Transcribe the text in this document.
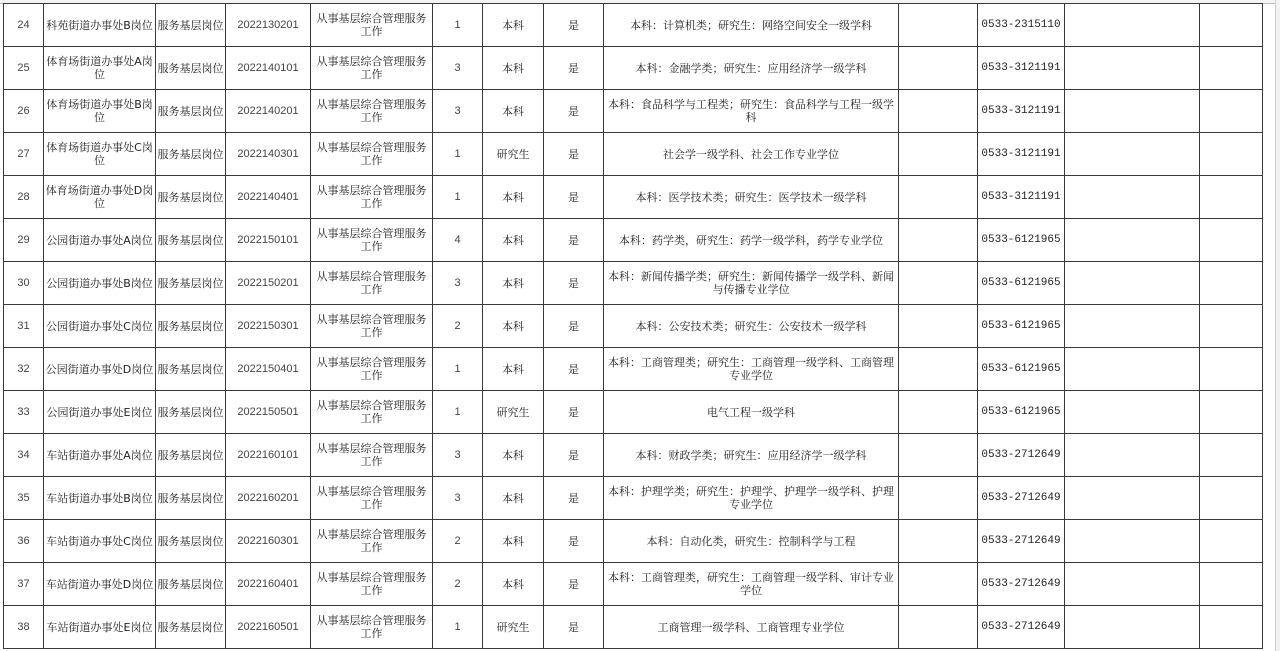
24	科苑街道办事处B岗位	服务基层岗位	2022130201	从事基层综合管理服务工作	1	本科	是	本科：计算机类；研究生：网络空间安全一级学科		0533-2315110		
25	体育场街道办事处A岗位	服务基层岗位	2022140101	从事基层综合管理服务工作	3	本科	是	本科：金融学类；研究生：应用经济学一级学科		0533-3121191		
26	体育场街道办事处B岗位	服务基层岗位	2022140201	从事基层综合管理服务工作	3	本科	是	本科：食品科学与工程类；研究生：食品科学与工程一级学科		0533-3121191		
27	体育场街道办事处C岗位	服务基层岗位	2022140301	从事基层综合管理服务工作	1	研究生	是	社会学一级学科、社会工作专业学位		0533-3121191		
28	体育场街道办事处D岗位	服务基层岗位	2022140401	从事基层综合管理服务工作	1	本科	是	本科：医学技术类；研究生：医学技术一级学科		0533-3121191		
29	公园街道办事处A岗位	服务基层岗位	2022150101	从事基层综合管理服务工作	4	本科	是	本科：药学类，研究生：药学一级学科，药学专业学位		0533-6121965		
30	公园街道办事处B岗位	服务基层岗位	2022150201	从事基层综合管理服务工作	3	本科	是	本科：新闻传播学类；研究生：新闻传播学一级学科、新闻与传播专业学位		0533-6121965		
31	公园街道办事处C岗位	服务基层岗位	2022150301	从事基层综合管理服务工作	2	本科	是	本科：公安技术类；研究生：公安技术一级学科		0533-6121965		
32	公园街道办事处D岗位	服务基层岗位	2022150401	从事基层综合管理服务工作	1	本科	是	本科：工商管理类；研究生：工商管理一级学科、工商管理专业学位		0533-6121965		
33	公园街道办事处E岗位	服务基层岗位	2022150501	从事基层综合管理服务工作	1	研究生	是	电气工程一级学科		0533-6121965		
34	车站街道办事处A岗位	服务基层岗位	2022160101	从事基层综合管理服务工作	3	本科	是	本科：财政学类；研究生：应用经济学一级学科		0533-2712649		
35	车站街道办事处B岗位	服务基层岗位	2022160201	从事基层综合管理服务工作	3	本科	是	本科：护理学类；研究生：护理学、护理学一级学科、护理专业学位		0533-2712649		
36	车站街道办事处C岗位	服务基层岗位	2022160301	从事基层综合管理服务工作	2	本科	是	本科：自动化类，研究生：控制科学与工程		0533-2712649		
37	车站街道办事处D岗位	服务基层岗位	2022160401	从事基层综合管理服务工作	2	本科	是	本科：工商管理类，研究生：工商管理一级学科、审计专业学位		0533-2712649		
38	车站街道办事处E岗位	服务基层岗位	2022160501	从事基层综合管理服务工作	1	研究生	是	工商管理一级学科、工商管理专业学位		0533-2712649		
